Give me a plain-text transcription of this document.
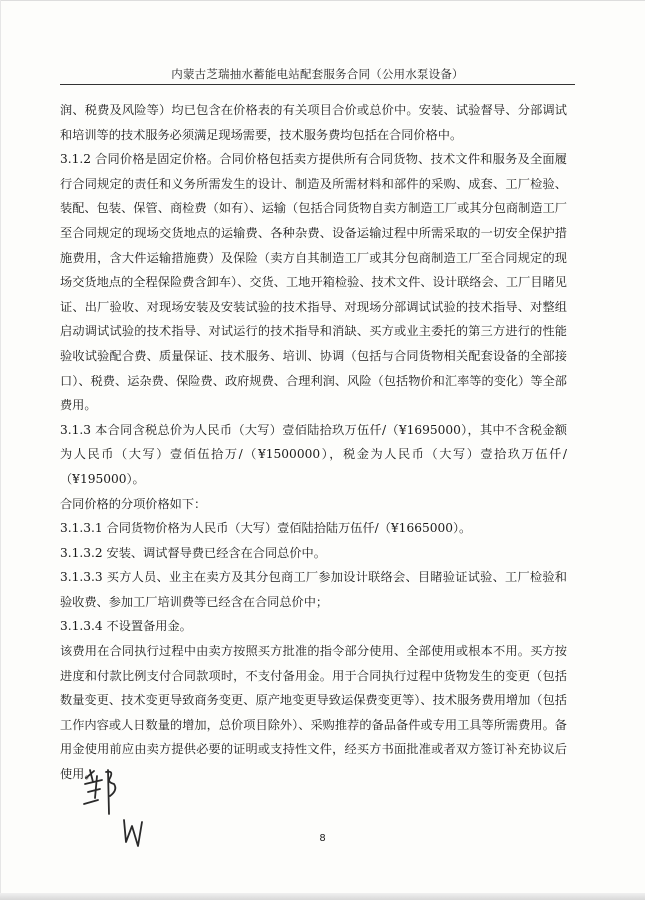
内蒙古芝瑞抽水蓄能电站配套服务合同（公用水泵设备）

润、税费及风险等）均已包含在价格表的有关项目合价或总价中。安装、试验督导、分部调试和培训等的技术服务必须满足现场需要，技术服务费均包括在合同价格中。

3.1.2 合同价格是固定价格。合同价格包括卖方提供所有合同货物、技术文件和服务及全面履行合同规定的责任和义务所需发生的设计、制造及所需材料和部件的采购、成套、工厂检验、装配、包装、保管、商检费（如有）、运输（包括合同货物自卖方制造工厂或其分包商制造工厂至合同规定的现场交货地点的运输费、各种杂费、设备运输过程中所需采取的一切安全保护措施费用，含大件运输措施费）及保险（卖方自其制造工厂或其分包商制造工厂至合同规定的现场交货地点的全程保险费含卸车）、交货、工地开箱检验、技术文件、设计联络会、工厂目睹见证、出厂验收、对现场安装及安装试验的技术指导、对现场分部调试试验的技术指导、对整组启动调试试验的技术指导、对试运行的技术指导和消缺、买方或业主委托的第三方进行的性能验收试验配合费、质量保证、技术服务、培训、协调（包括与合同货物相关配套设备的全部接口）、税费、运杂费、保险费、政府规费、合理利润、风险（包括物价和汇率等的变化）等全部费用。

3.1.3 本合同含税总价为人民币（大写）壹佰陆拾玖万伍仟/（¥1695000），其中不含税金额为人民币（大写）壹佰伍拾万/（¥1500000），税金为人民币（大写）壹拾玖万伍仟/（¥195000）。

合同价格的分项价格如下：

3.1.3.1 合同货物价格为人民币（大写）壹佰陆拾陆万伍仟/（¥1665000）。

3.1.3.2 安装、调试督导费已经含在合同总价中。

3.1.3.3 买方人员、业主在卖方及其分包商工厂参加设计联络会、目睹验证试验、工厂检验和验收费、参加工厂培训费等已经含在合同总价中；

3.1.3.4 不设置备用金。

该费用在合同执行过程中由卖方按照买方批准的指令部分使用、全部使用或根本不用。买方按进度和付款比例支付合同款项时，不支付备用金。用于合同执行过程中货物发生的变更（包括数量变更、技术变更导致商务变更、原产地变更导致运保费变更等）、技术服务费用增加（包括工作内容或人日数量的增加，总价项目除外）、采购推荐的备品备件或专用工具等所需费用。备用金使用前应由卖方提供必要的证明或支持性文件，经买方书面批准或者双方签订补充协议后使用。

8
